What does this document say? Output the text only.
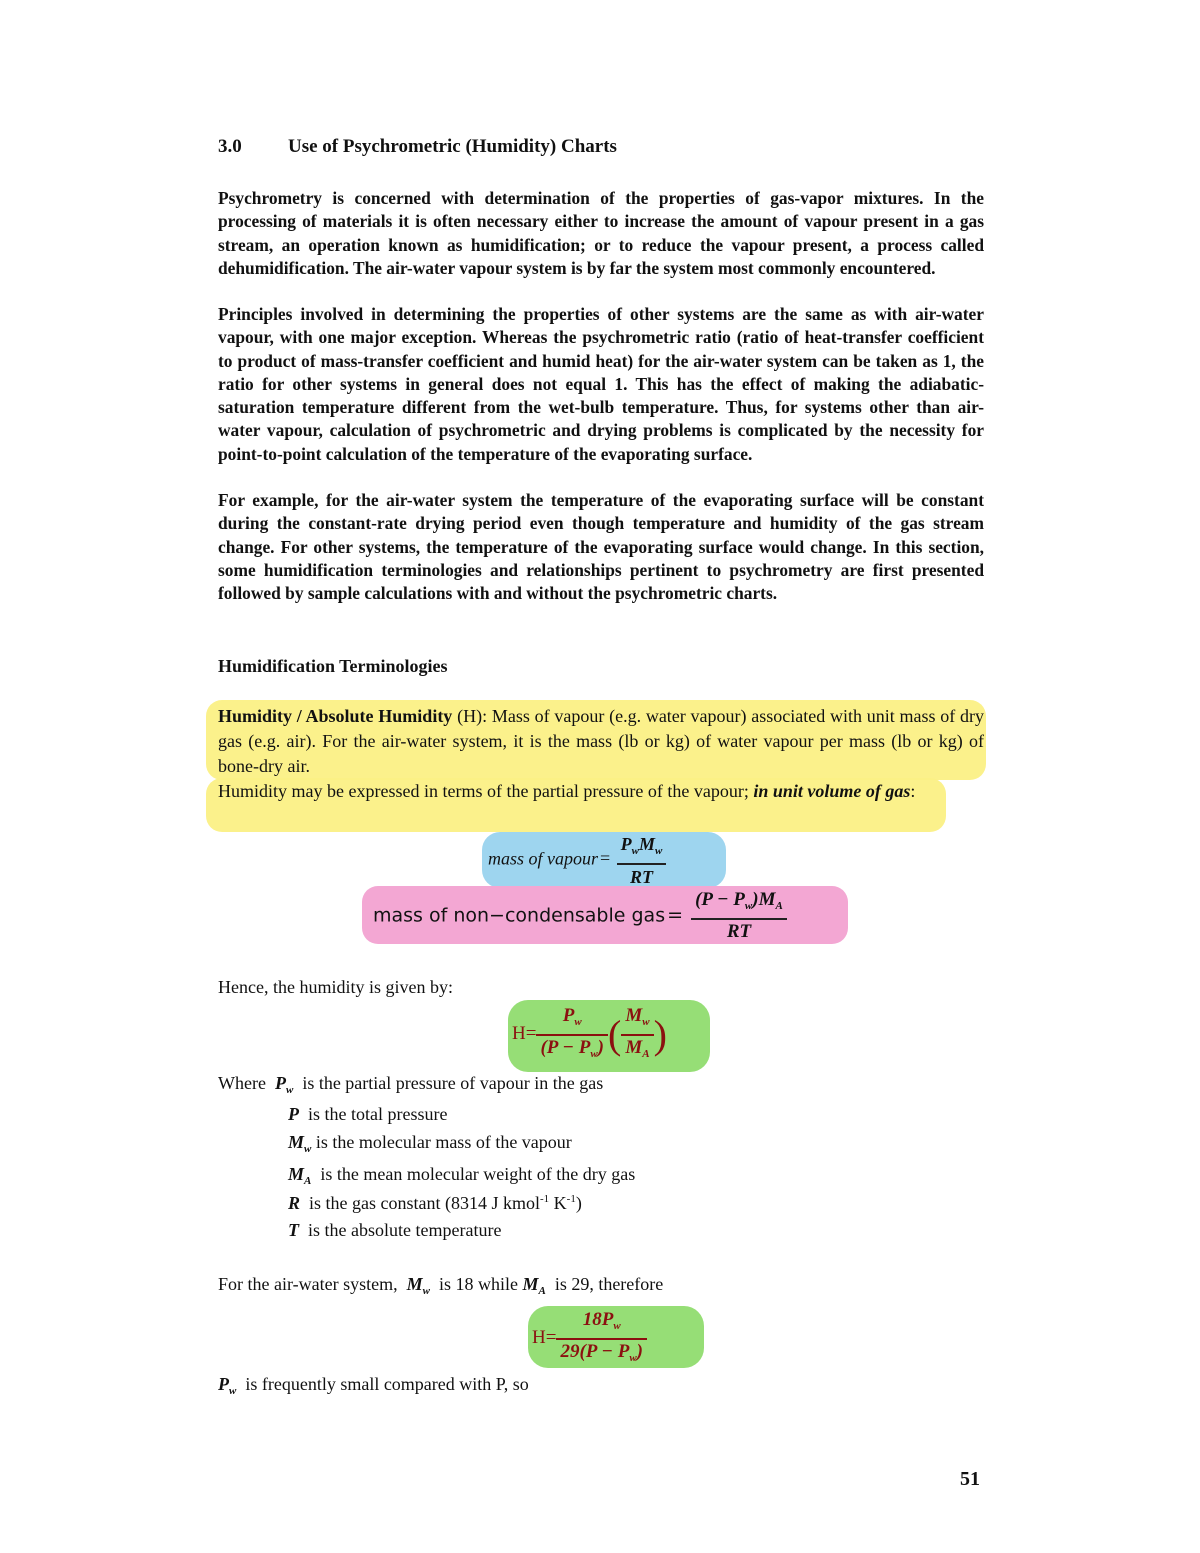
3.0 Use of Psychrometric (Humidity) Charts

Psychrometry is concerned with determination of the properties of gas-vapor mixtures. In the processing of materials it is often necessary either to increase the amount of vapour present in a gas stream, an operation known as humidification; or to reduce the vapour present, a process called dehumidification. The air-water vapour system is by far the system most commonly encountered.

Principles involved in determining the properties of other systems are the same as with air-water vapour, with one major exception. Whereas the psychrometric ratio (ratio of heat-transfer coefficient to product of mass-transfer coefficient and humid heat) for the air-water system can be taken as 1, the ratio for other systems in general does not equal 1. This has the effect of making the adiabatic-saturation temperature different from the wet-bulb temperature. Thus, for systems other than air-water vapour, calculation of psychrometric and drying problems is complicated by the necessity for point-to-point calculation of the temperature of the evaporating surface.

For example, for the air-water system the temperature of the evaporating surface will be constant during the constant-rate drying period even though temperature and humidity of the gas stream change. For other systems, the temperature of the evaporating surface would change. In this section, some humidification terminologies and relationships pertinent to psychrometry are first presented followed by sample calculations with and without the psychrometric charts.

Humidification Terminologies
Humidity / Absolute Humidity (H): Mass of vapour (e.g. water vapour) associated with unit mass of dry gas (e.g. air). For the air-water system, it is the mass (lb or kg) of water vapour per mass (lb or kg) of bone-dry air.
Humidity may be expressed in terms of the partial pressure of the vapour; in unit volume of gas:
mass of vapour = $\frac{P_wM_w}{RT}$
mass of non−condensable gas = $\frac{(P - P_w)M_A}{RT}$
Hence, the humidity is given by:
$H= \frac{P_w}{(P - P_w)}$ ( $\frac{M_w}{M_A}$ )
Where  $P_w$ is the partial pressure of vapour in the gas
P is the total pressure
$M_w$ is the molecular mass of the vapour
$M_A$ is the mean molecular weight of the dry gas
R is the gas constant (8314 J kmol$^{-1}$ $K^{-1}$)
T is the absolute temperature
For the air-water system,  $M_w$ is 18 while $M_A$ is 29, therefore
$H= \frac{18P_w}{29(P - P_w)}$
$P_w$ is frequently small compared with P, so
51
